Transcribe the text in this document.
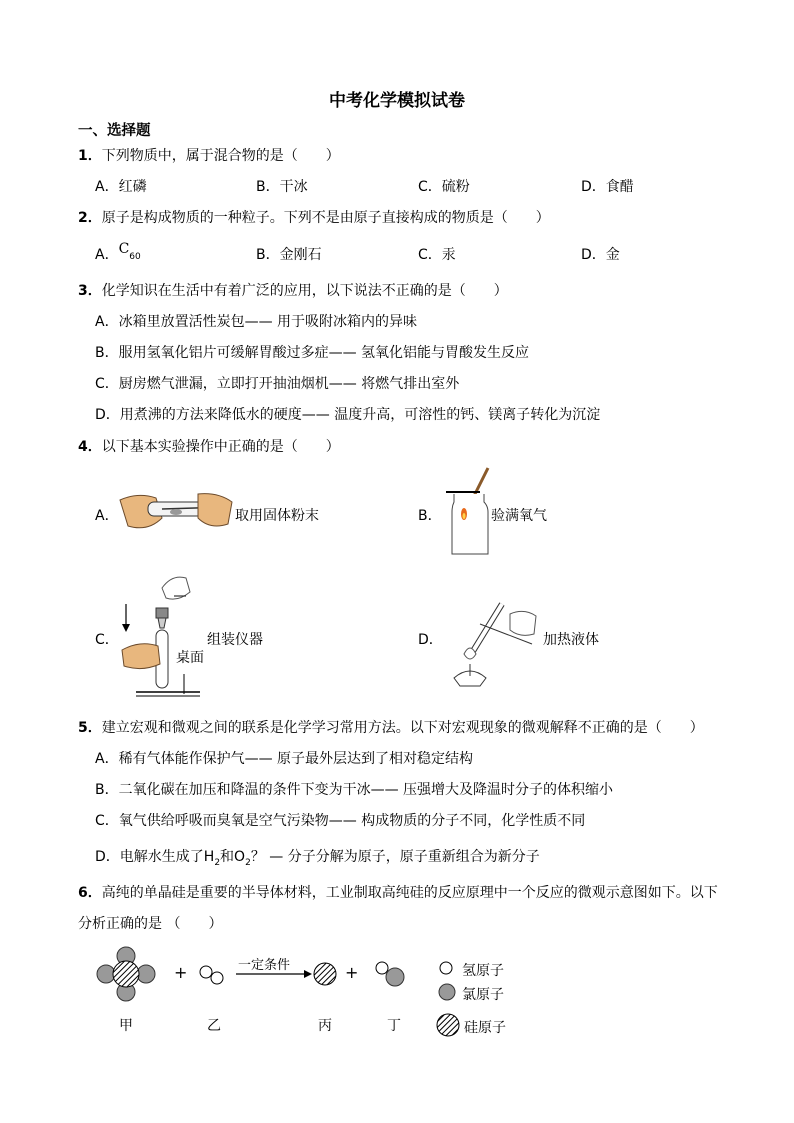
中考化学模拟试卷
一、选择题
1．下列物质中，属于混合物的是（　　）
A．红磷	B．干冰	C．硫粉	D．食醋
2．原子是构成物质的一种粒子。下列不是由原子直接构成的物质是（　　）
A．$C_{60}$	B．金刚石	C．汞	D．金
3．化学知识在生活中有着广泛的应用，以下说法不正确的是（　　）
A．冰箱里放置活性炭包—— 用于吸附冰箱内的异味
B．服用氢氧化铝片可缓解胃酸过多症—— 氢氧化铝能与胃酸发生反应
C．厨房燃气泄漏，立即打开抽油烟机—— 将燃气排出室外
D．用煮沸的方法来降低水的硬度—— 温度升高，可溶性的钙、镁离子转化为沉淀
4．以下基本实验操作中正确的是（　　）
A．	取用固体粉末	B．	验满氧气
C．
桌面
组装仪器	D．	加热液体
5．建立宏观和微观之间的联系是化学学习常用方法。以下对宏观现象的微观解释不正确的是（　　）
A．稀有气体能作保护气—— 原子最外层达到了相对稳定结构
B．二氧化碳在加压和降温的条件下变为干冰—— 压强增大及降温时分子的体积缩小
C．氧气供给呼吸而臭氧是空气污染物—— 构成物质的分子不同，化学性质不同
D．电解水生成了$H_2$和$O_2$？ — 分子分解为原子，原子重新组合为新分子
6．高纯的单晶硅是重要的半导体材料，工业制取高纯硅的反应原理中一个反应的微观示意图如下。以下
分析正确的是 （　　）
+	+
一定条件
甲	乙	丙	丁
氢原子
氯原子
硅原子
